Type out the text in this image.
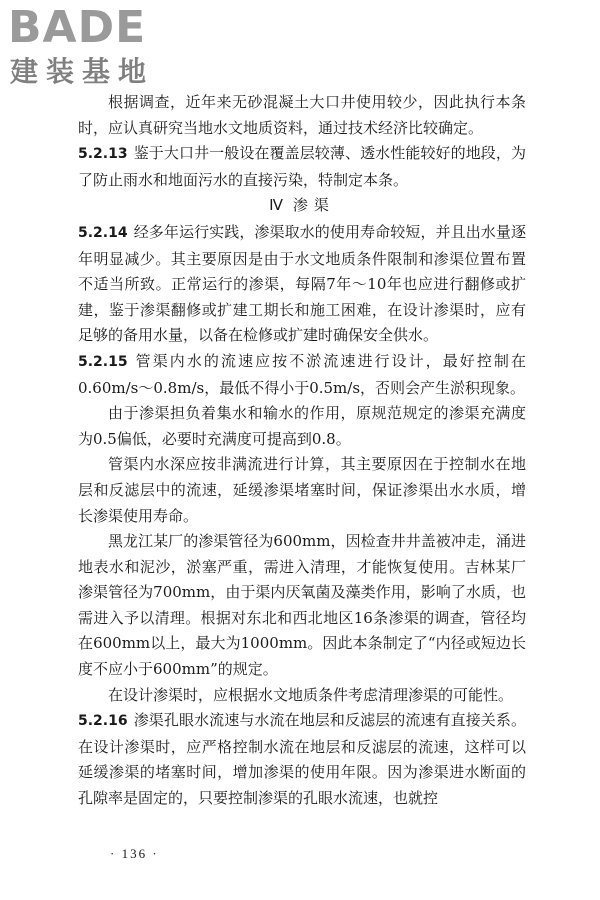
BADE
建装基地

根据调查，近年来无砂混凝土大口井使用较少，因此执行本条时，应认真研究当地水文地质资料，通过技术经济比较确定。

5.2.13 鉴于大口井一般设在覆盖层较薄、透水性能较好的地段，为了防止雨水和地面污水的直接污染，特制定本条。

Ⅳ 渗渠

5.2.14 经多年运行实践，渗渠取水的使用寿命较短，并且出水量逐年明显减少。其主要原因是由于水文地质条件限制和渗渠位置布置不适当所致。正常运行的渗渠，每隔7年～10年也应进行翻修或扩建，鉴于渗渠翻修或扩建工期长和施工困难，在设计渗渠时，应有足够的备用水量，以备在检修或扩建时确保安全供水。

5.2.15 管渠内水的流速应按不淤流速进行设计，最好控制在0.60m/s～0.8m/s，最低不得小于0.5m/s，否则会产生淤积现象。

由于渗渠担负着集水和输水的作用，原规范规定的渗渠充满度为0.5偏低，必要时充满度可提高到0.8。

管渠内水深应按非满流进行计算，其主要原因在于控制水在地层和反滤层中的流速，延缓渗渠堵塞时间，保证渗渠出水水质，增长渗渠使用寿命。

黑龙江某厂的渗渠管径为600mm，因检查井井盖被冲走，涌进地表水和泥沙，淤塞严重，需进入清理，才能恢复使用。吉林某厂渗渠管径为700mm，由于渠内厌氧菌及藻类作用，影响了水质，也需进入予以清理。根据对东北和西北地区16条渗渠的调查，管径均在600mm以上，最大为1000mm。因此本条制定了“内径或短边长度不应小于600mm”的规定。

在设计渗渠时，应根据水文地质条件考虑清理渗渠的可能性。

5.2.16 渗渠孔眼水流速与水流在地层和反滤层的流速有直接关系。在设计渗渠时，应严格控制水流在地层和反滤层的流速，这样可以延缓渗渠的堵塞时间，增加渗渠的使用年限。因为渗渠进水断面的孔隙率是固定的，只要控制渗渠的孔眼水流速，也就控

· 136 ·
